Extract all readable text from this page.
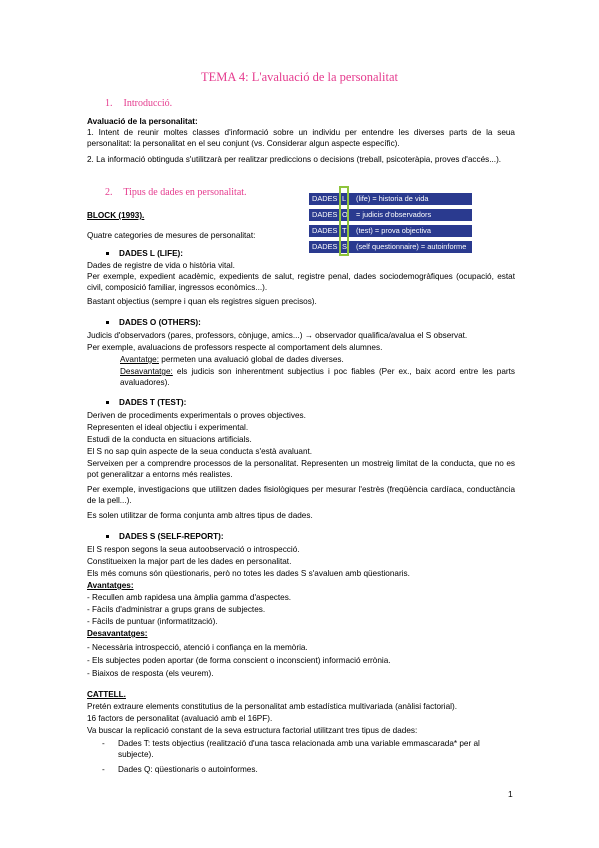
TEMA 4: L'avaluació de la personalitat
1. Introducció.
Avaluació de la personalitat:
1. Intent de reunir moltes classes d'informació sobre un individu per entendre les diverses parts de la seua personalitat: la personalitat en el seu conjunt (vs. Considerar algun aspecte específic).
2. La informació obtinguda s'utilitzarà per realitzar prediccions o decisions (treball, psicoteràpia, proves d'accés...).
2. Tipus de dades en personalitat.
DADES L (life) = historia de vida
DADES O = judicis d'observadors
DADES T (test) = prova objectiva
DADES S (self questionnaire) = autoinforme
BLOCK (1993).
Quatre categories de mesures de personalitat:
DADES L (LIFE):
Dades de registre de vida o història vital.
Per exemple, expedient acadèmic, expedients de salut, registre penal, dades sociodemogràfiques (ocupació, estat civil, composició familiar, ingressos econòmics...).
Bastant objectius (sempre i quan els registres siguen precisos).
DADES O (OTHERS):
Judicis d'observadors (pares, professors, cònjuge, amics...) → observador qualifica/avalua el S observat.
Per exemple, avaluacions de professors respecte al comportament dels alumnes.
Avantatge: permeten una avaluació global de dades diverses.
Desavantatge: els judicis son inherentment subjectius i poc fiables (Per ex., baix acord entre les parts avaluadores).
DADES T (TEST):
Deriven de procediments experimentals o proves objectives.
Representen el ideal objectiu i experimental.
Estudi de la conducta en situacions artificials.
El S no sap quin aspecte de la seua conducta s'està avaluant.
Serveixen per a comprendre processos de la personalitat. Representen un mostreig limitat de la conducta, que no es pot generalitzar a entorns més realistes.
Per exemple, investigacions que utilitzen dades fisiològiques per mesurar l'estrès (freqüència cardíaca, conductància de la pell...).
Es solen utilitzar de forma conjunta amb altres tipus de dades.
DADES S (SELF-REPORT):
El S respon segons la seua autoobservació o introspecció.
Constitueixen la major part de les dades en personalitat.
Els més comuns són qüestionaris, però no totes les dades S s'avaluen amb qüestionaris.
Avantatges:
- Recullen amb rapidesa una àmplia gamma d'aspectes.
- Fàcils d'administrar a grups grans de subjectes.
- Fàcils de puntuar (informatització).
Desavantatges:
- Necessària introspecció, atenció i confiança en la memòria.
- Els subjectes poden aportar (de forma conscient o inconscient) informació errònia.
- Biaixos de resposta (els veurem).
CATTELL.
Pretén extraure elements constitutius de la personalitat amb estadística multivariada (anàlisi factorial).
16 factors de personalitat (avaluació amb el 16PF).
Va buscar la replicació constant de la seva estructura factorial utilitzant tres tipus de dades:
- Dades T: tests objectius (realització d'una tasca relacionada amb una variable emmascarada* per al subjecte).
- Dades Q: qüestionaris o autoinformes.
1
